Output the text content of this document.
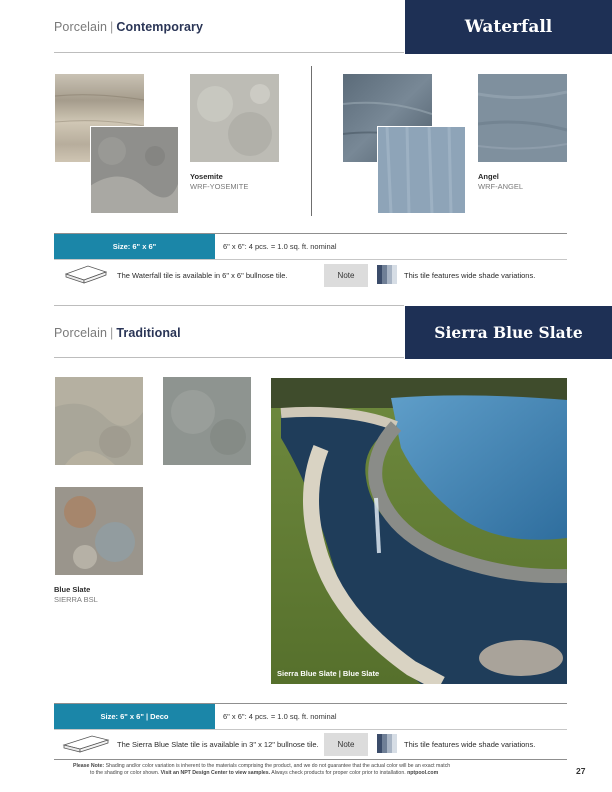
Porcelain | Contemporary	Waterfall
Yosemite
WRF-YOSEMITE
Angel
WRF-ANGEL
Size: 6" x 6"	6" x 6": 4 pcs. = 1.0 sq. ft. nominal
The Waterfall tile is available in 6" x 6" bullnose tile.	Note	This tile features wide shade variations.
Porcelain | Traditional	Sierra Blue Slate
Blue Slate
SIERRA BSL
Sierra Blue Slate | Blue Slate
Size: 6" x 6" | Deco	6" x 6": 4 pcs. = 1.0 sq. ft. nominal
The Sierra Blue Slate tile is available in 3" x 12" bullnose tile.	Note	This tile features wide shade variations.
Please Note: Shading and/or color variation is inherent to the materials comprising the product, and we do not guarantee that the actual color will be an exact match
to the shading or color shown. Visit an NPT Design Center to view samples. Always check products for proper color prior to installation. nptpool.com	27
